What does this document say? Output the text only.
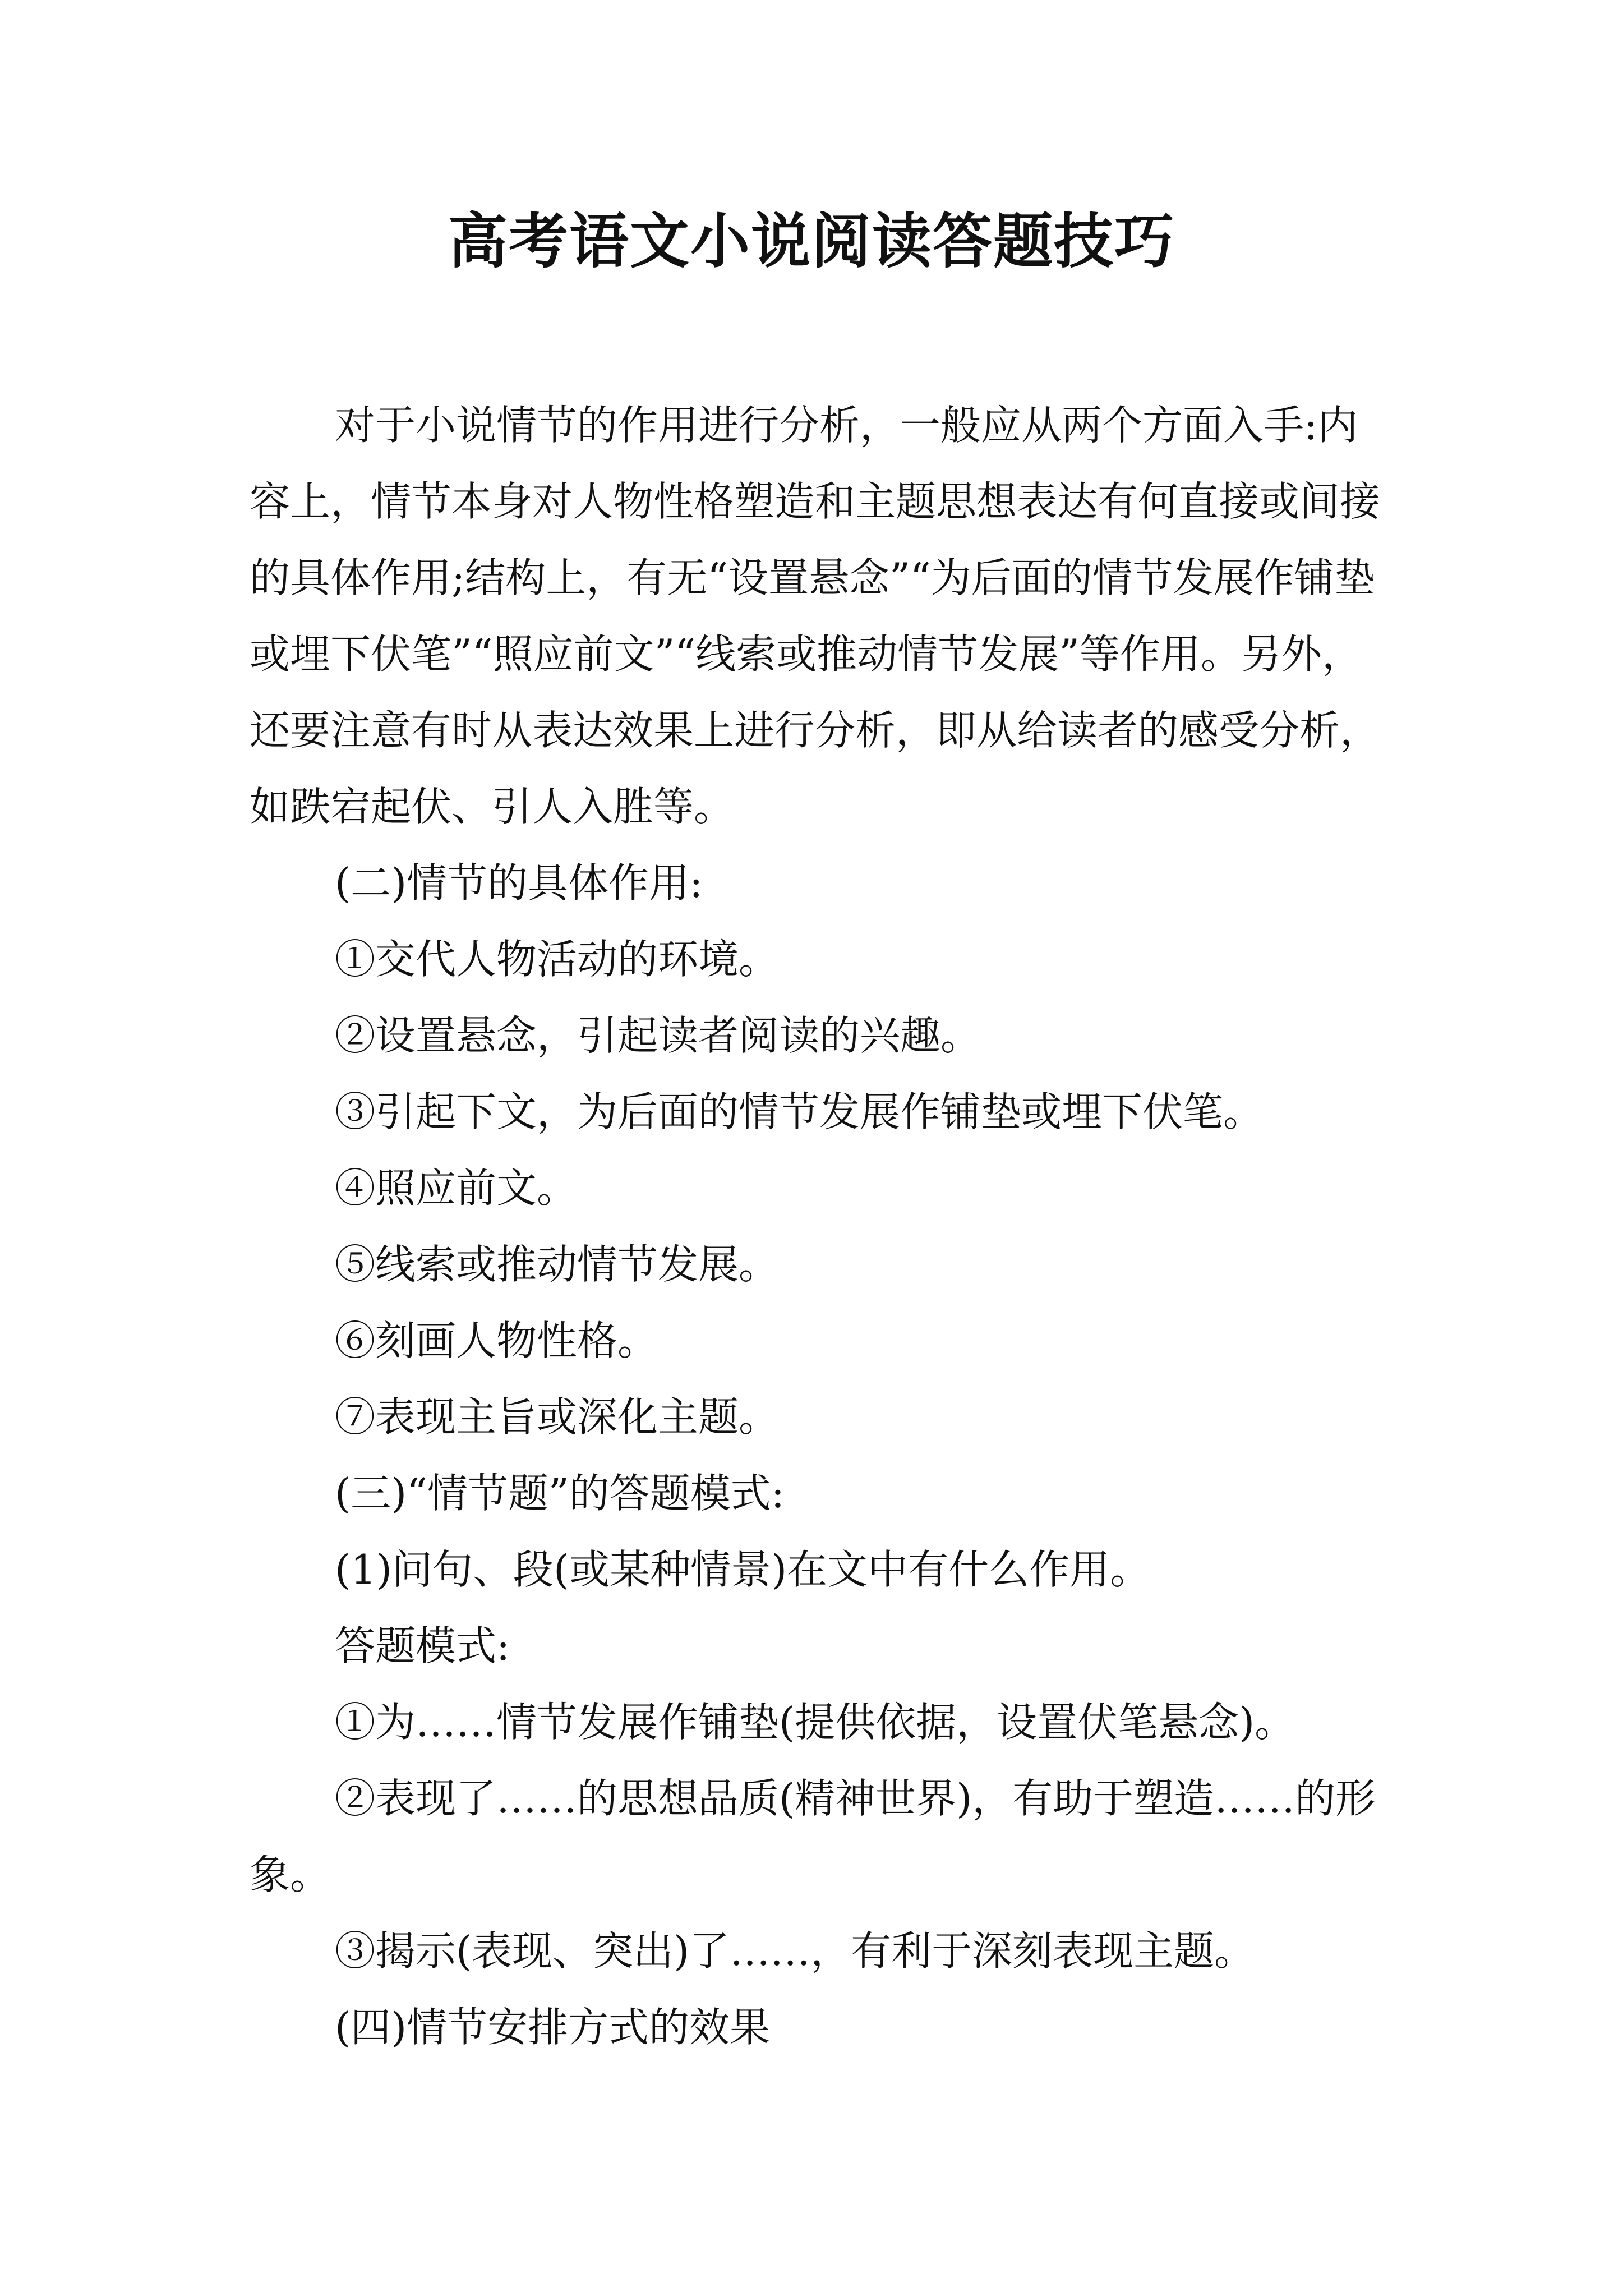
高考语文小说阅读答题技巧

对于小说情节的作用进行分析，一般应从两个方面入手:内容上，情节本身对人物性格塑造和主题思想表达有何直接或间接的具体作用;结构上，有无“设置悬念”“为后面的情节发展作铺垫或埋下伏笔”“照应前文”“线索或推动情节发展”等作用。另外，还要注意有时从表达效果上进行分析，即从给读者的感受分析，如跌宕起伏、引人入胜等。

(二)情节的具体作用:

①交代人物活动的环境。

②设置悬念，引起读者阅读的兴趣。

③引起下文，为后面的情节发展作铺垫或埋下伏笔。

④照应前文。

⑤线索或推动情节发展。

⑥刻画人物性格。

⑦表现主旨或深化主题。

(三)“情节题”的答题模式:

(1)问句、段(或某种情景)在文中有什么作用。

答题模式:

①为……情节发展作铺垫(提供依据，设置伏笔悬念)。

②表现了……的思想品质(精神世界)，有助于塑造……的形象。

③揭示(表现、突出)了……，有利于深刻表现主题。

(四)情节安排方式的效果
